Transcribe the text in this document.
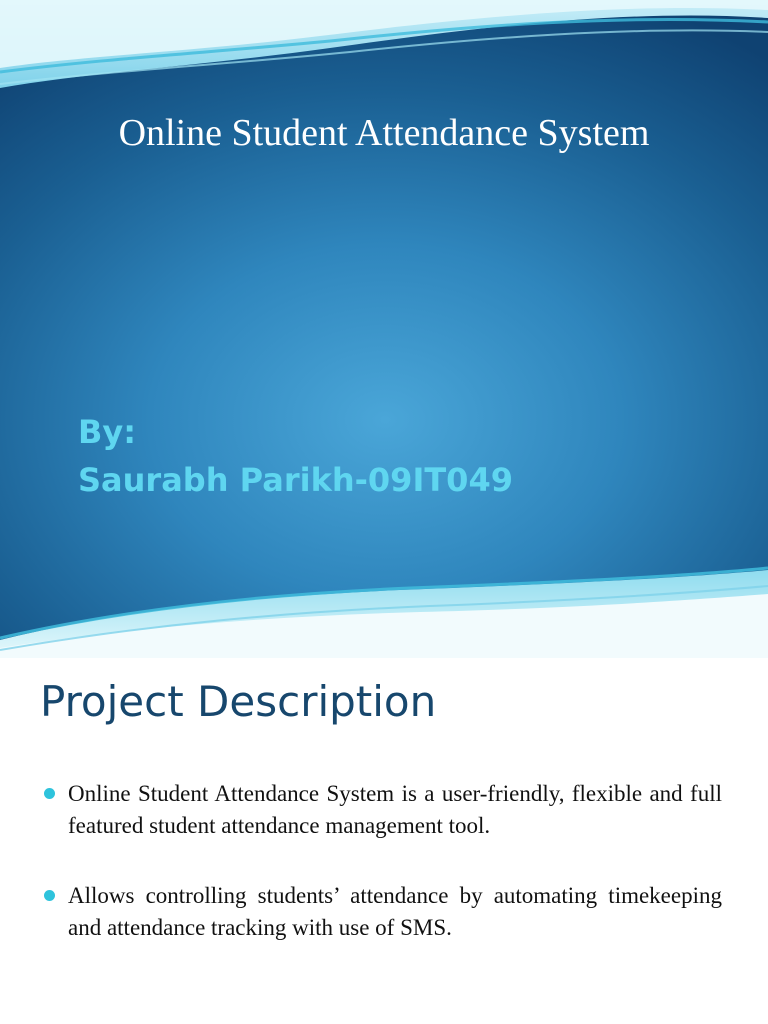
Online Student Attendance System
By:
Saurabh Parikh-09IT049
Project Description
Online Student Attendance System is a user-friendly, flexible and full featured student attendance management tool.
Allows controlling students’ attendance by automating timekeeping and attendance tracking with use of SMS.
